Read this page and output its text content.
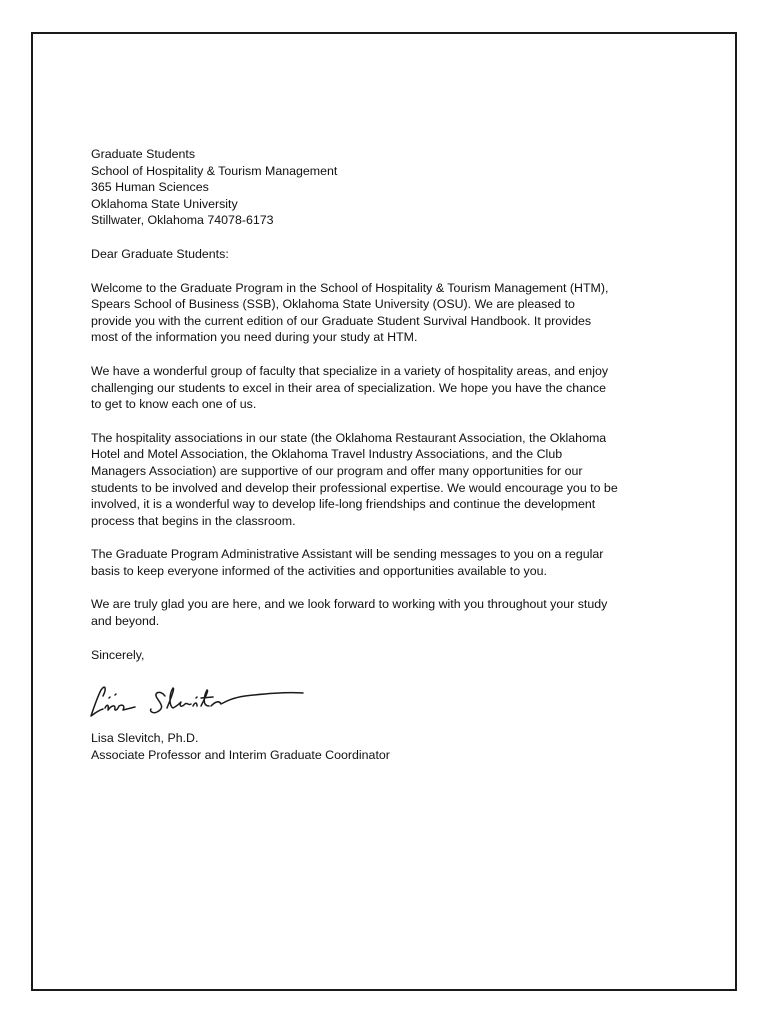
Graduate Students
School of Hospitality & Tourism Management
365 Human Sciences
Oklahoma State University
Stillwater, Oklahoma 74078-6173

Dear Graduate Students:

Welcome to the Graduate Program in the School of Hospitality & Tourism Management (HTM),
Spears School of Business (SSB), Oklahoma State University (OSU). We are pleased to
provide you with the current edition of our Graduate Student Survival Handbook. It provides
most of the information you need during your study at HTM.

We have a wonderful group of faculty that specialize in a variety of hospitality areas, and enjoy
challenging our students to excel in their area of specialization. We hope you have the chance
to get to know each one of us.

The hospitality associations in our state (the Oklahoma Restaurant Association, the Oklahoma
Hotel and Motel Association, the Oklahoma Travel Industry Associations, and the Club
Managers Association) are supportive of our program and offer many opportunities for our
students to be involved and develop their professional expertise. We would encourage you to be
involved, it is a wonderful way to develop life-long friendships and continue the development
process that begins in the classroom.

The Graduate Program Administrative Assistant will be sending messages to you on a regular
basis to keep everyone informed of the activities and opportunities available to you.

We are truly glad you are here, and we look forward to working with you throughout your study
and beyond.

Sincerely,

Lisa Slevitch, Ph.D.
Associate Professor and Interim Graduate Coordinator
